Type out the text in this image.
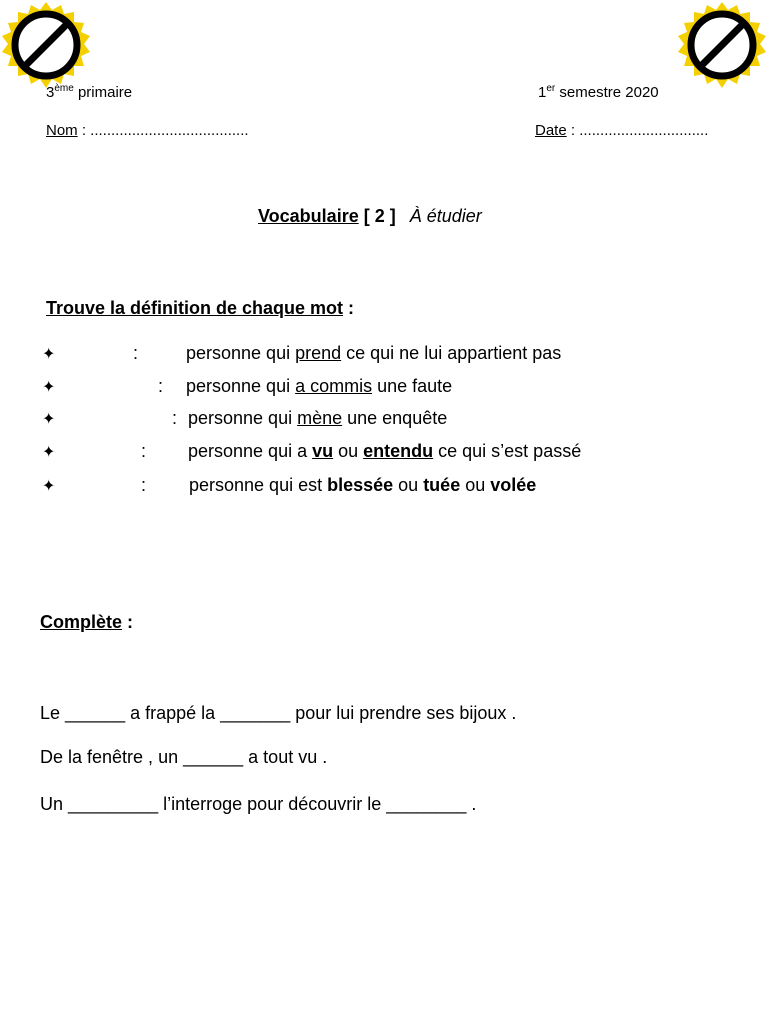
3ème primaire	1er semestre 2020
Nom : ......................................	Date : ...............................
Vocabulaire [ 2 ] À étudier
Trouve la définition de chaque mot :
✦	:	personne qui prend ce qui ne lui appartient pas
✦	: personne qui a commis une faute
✦	: personne qui mène une enquête
✦	: personne qui a vu ou entendu ce qui s’est passé
✦	: personne qui est blessée ou tuée ou volée
Complète :
Le ______ a frappé la _______ pour lui prendre ses bijoux .
De la fenêtre , un ______ a tout vu .
Un _________ l’interroge pour découvrir le ________ .
